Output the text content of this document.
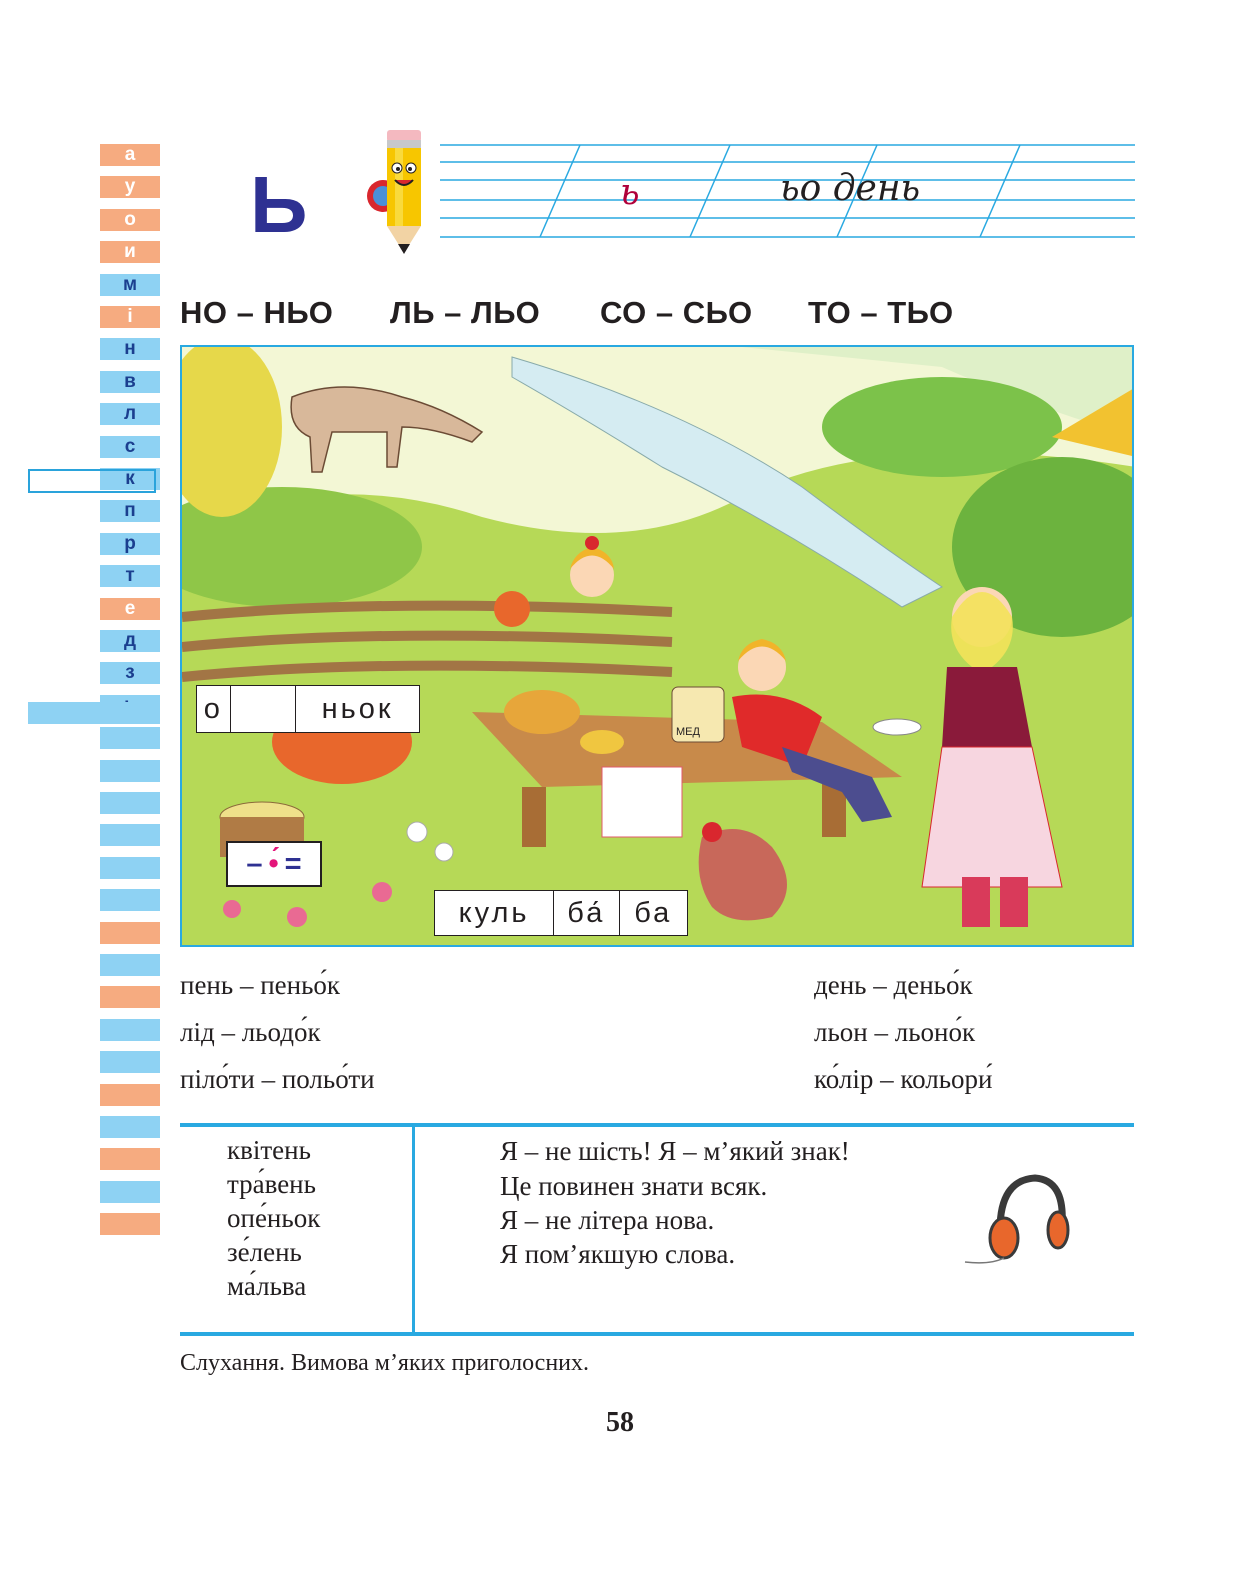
а
у
о
и
м
і
н
в
л
с
к
п
р
т
е
д
з
Ь	ь	ьо день
НО – НЬО ЛЬ – ЛЬО СО – СЬО ТО – ТЬО
МЕД
о	ньок
– •́ =
куль	ба́ ба
пень – пеньо́к
лід – льодо́к
піло́ти – польо́ти
день – деньо́к
льон – льоно́к
ко́лір – кольори́
квітень
тра́вень
опе́ньок
зе́лень
ма́льва
Я – не шість! Я – м’який знак!
Це повинен знати всяк.
Я – не літера нова.
Я пом’якшую слова.
Слухання. Вимова м’яких приголосних.
58
